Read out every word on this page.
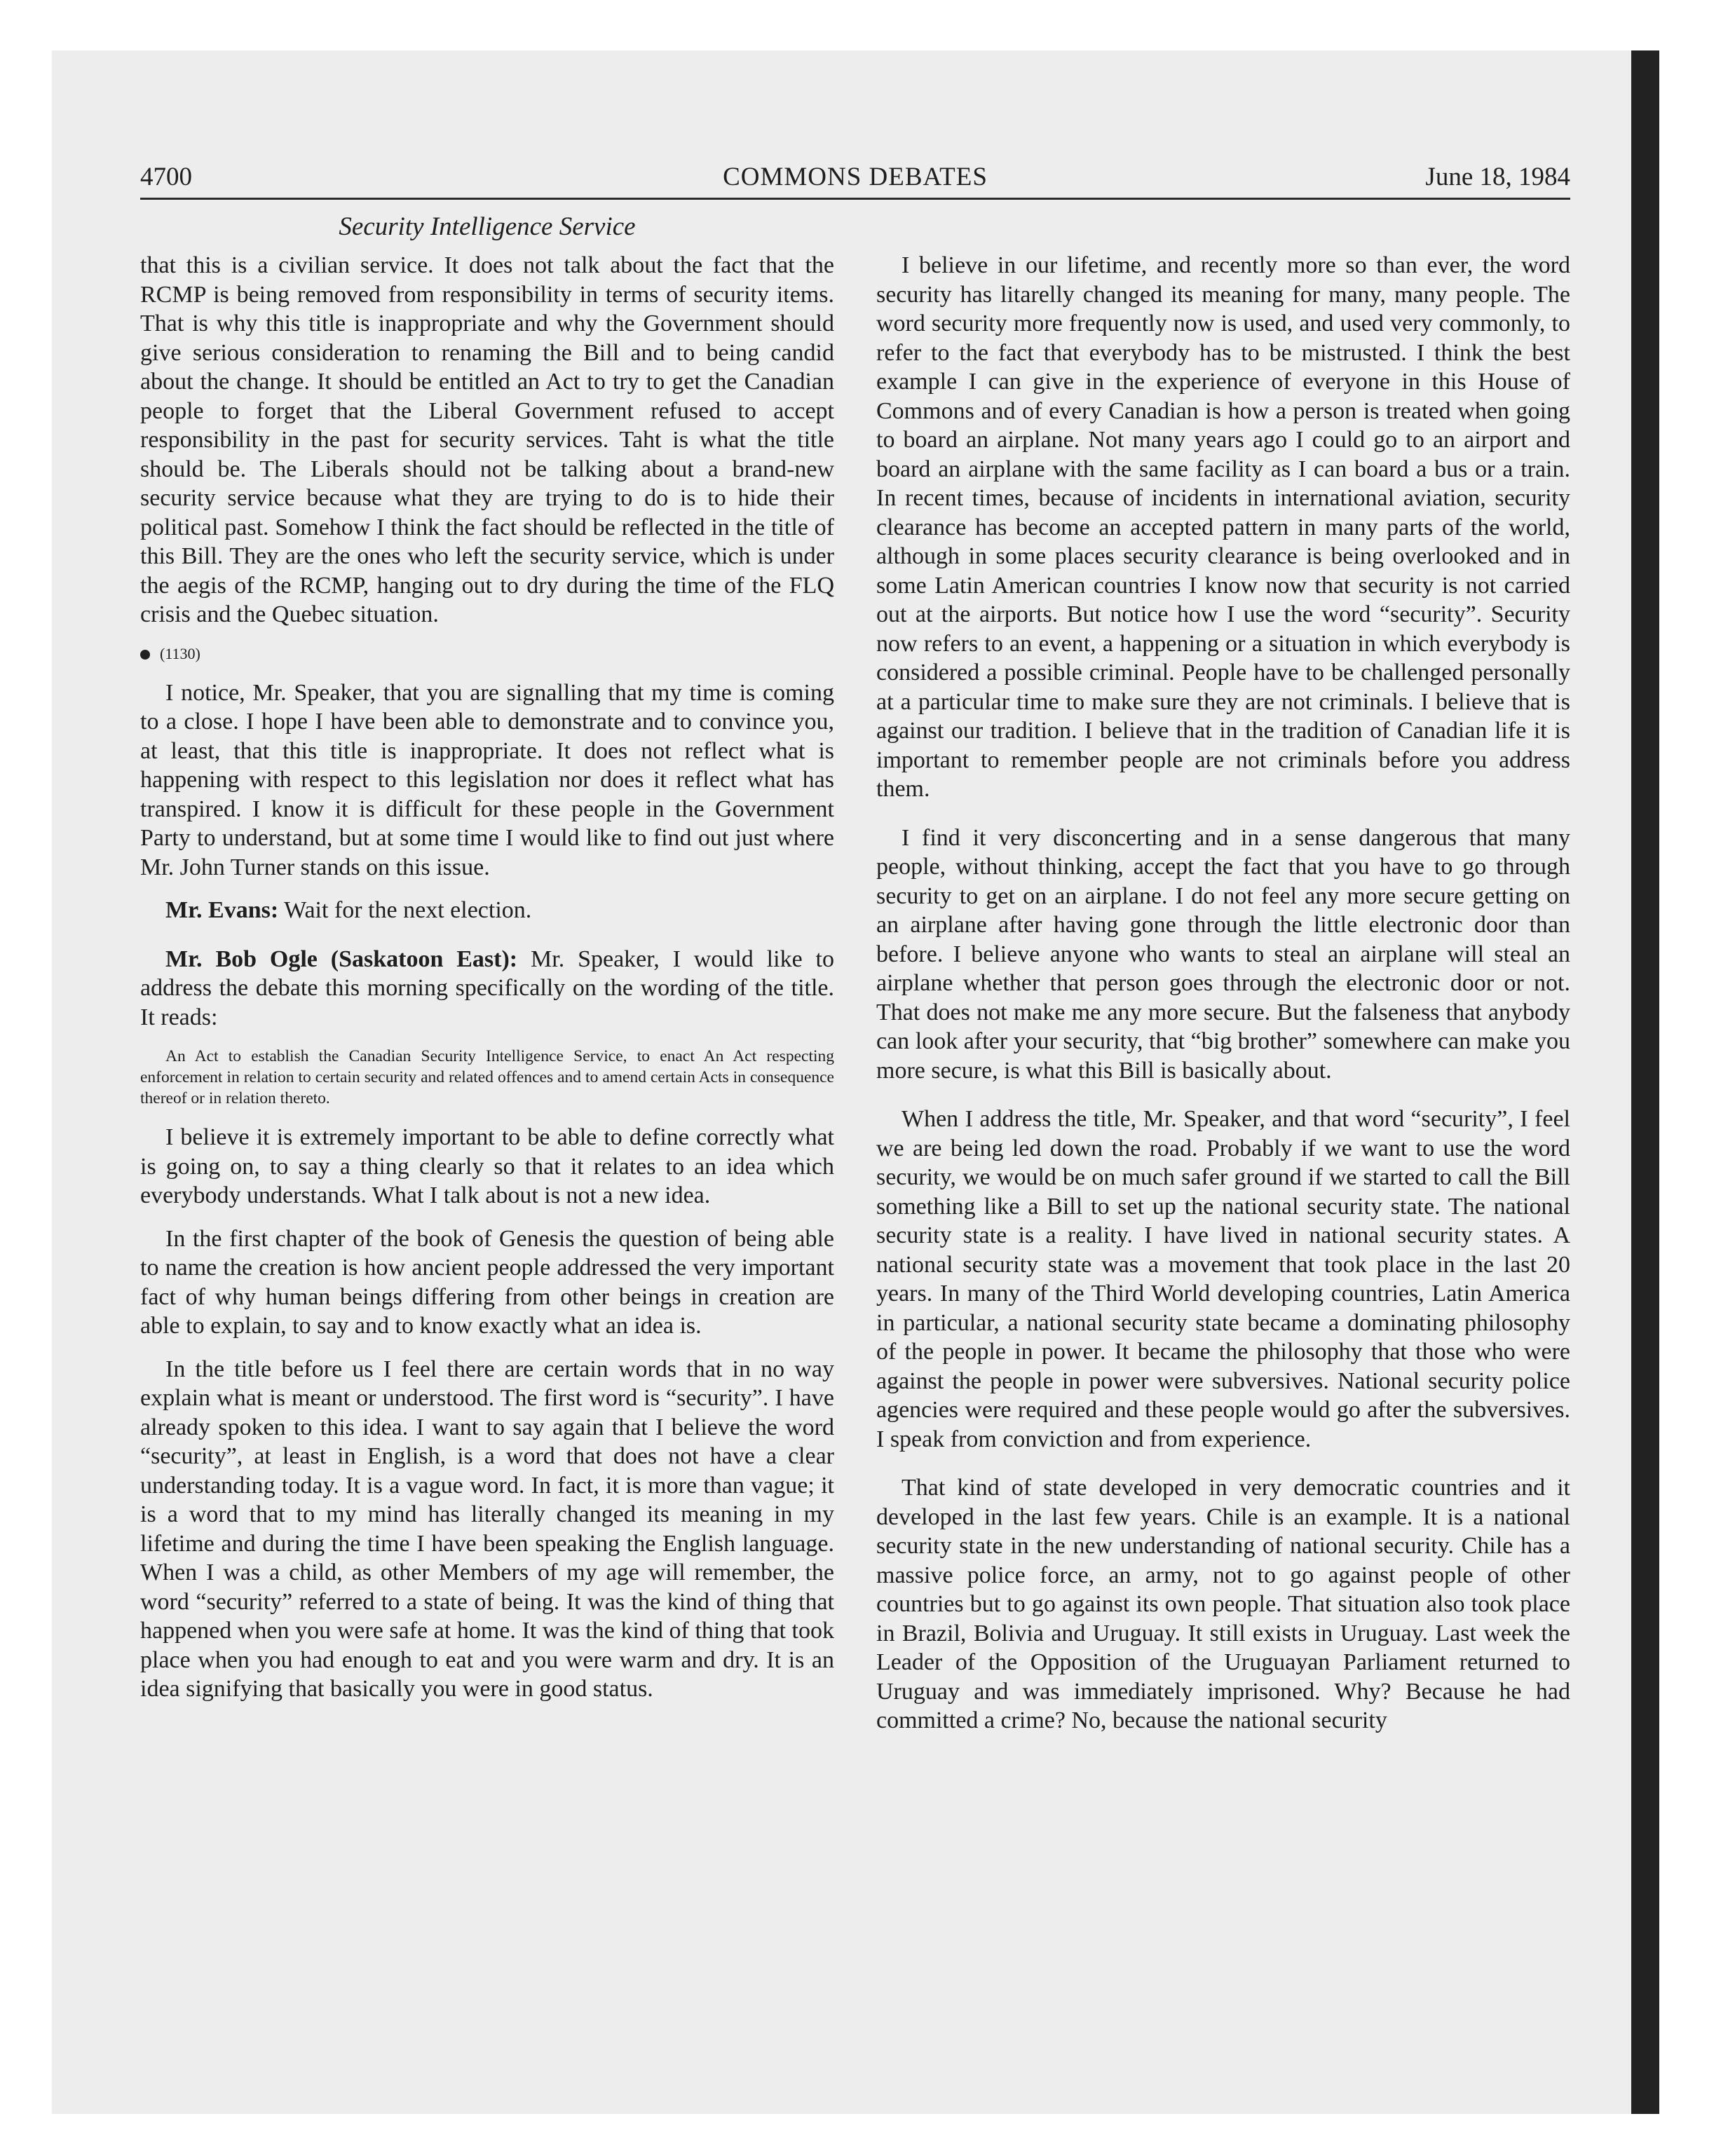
4700	COMMONS DEBATES	June 18, 1984
Security Intelligence Service

that this is a civilian service. It does not talk about the fact that the RCMP is being removed from responsibility in terms of security items. That is why this title is inappropriate and why the Government should give serious consideration to renaming the Bill and to being candid about the change. It should be entitled an Act to try to get the Canadian people to forget that the Liberal Government refused to accept responsibility in the past for security services. Taht is what the title should be. The Liberals should not be talking about a brand-new security service because what they are trying to do is to hide their political past. Somehow I think the fact should be reflected in the title of this Bill. They are the ones who left the security service, which is under the aegis of the RCMP, hanging out to dry during the time of the FLQ crisis and the Quebec situation.

(1130)

I notice, Mr. Speaker, that you are signalling that my time is coming to a close. I hope I have been able to demonstrate and to convince you, at least, that this title is inappropriate. It does not reflect what is happening with respect to this legislation nor does it reflect what has transpired. I know it is difficult for these people in the Government Party to understand, but at some time I would like to find out just where Mr. John Turner stands on this issue.

Mr. Evans: Wait for the next election.

Mr. Bob Ogle (Saskatoon East): Mr. Speaker, I would like to address the debate this morning specifically on the wording of the title. It reads:

An Act to establish the Canadian Security Intelligence Service, to enact An Act respecting enforcement in relation to certain security and related offences and to amend certain Acts in consequence thereof or in relation thereto.

I believe it is extremely important to be able to define correctly what is going on, to say a thing clearly so that it relates to an idea which everybody understands. What I talk about is not a new idea.

In the first chapter of the book of Genesis the question of being able to name the creation is how ancient people addressed the very important fact of why human beings differing from other beings in creation are able to explain, to say and to know exactly what an idea is.

In the title before us I feel there are certain words that in no way explain what is meant or understood. The first word is “security”. I have already spoken to this idea. I want to say again that I believe the word “security”, at least in English, is a word that does not have a clear understanding today. It is a vague word. In fact, it is more than vague; it is a word that to my mind has literally changed its meaning in my lifetime and during the time I have been speaking the English language. When I was a child, as other Members of my age will remember, the word “security” referred to a state of being. It was the kind of thing that happened when you were safe at home. It was the kind of thing that took place when you had enough to eat and you were warm and dry. It is an idea signifying that basically you were in good status.

I believe in our lifetime, and recently more so than ever, the word security has litarelly changed its meaning for many, many people. The word security more frequently now is used, and used very commonly, to refer to the fact that everybody has to be mistrusted. I think the best example I can give in the experience of everyone in this House of Commons and of every Canadian is how a person is treated when going to board an airplane. Not many years ago I could go to an airport and board an airplane with the same facility as I can board a bus or a train. In recent times, because of incidents in international aviation, security clearance has become an accepted pattern in many parts of the world, although in some places security clearance is being overlooked and in some Latin American countries I know now that security is not carried out at the airports. But notice how I use the word “security”. Security now refers to an event, a happening or a situation in which everybody is considered a possible criminal. People have to be challenged personally at a particular time to make sure they are not criminals. I believe that is against our tradition. I believe that in the tradition of Canadian life it is important to remember people are not criminals before you address them.

I find it very disconcerting and in a sense dangerous that many people, without thinking, accept the fact that you have to go through security to get on an airplane. I do not feel any more secure getting on an airplane after having gone through the little electronic door than before. I believe anyone who wants to steal an airplane will steal an airplane whether that person goes through the electronic door or not. That does not make me any more secure. But the falseness that anybody can look after your security, that “big brother” somewhere can make you more secure, is what this Bill is basically about.

When I address the title, Mr. Speaker, and that word “security”, I feel we are being led down the road. Probably if we want to use the word security, we would be on much safer ground if we started to call the Bill something like a Bill to set up the national security state. The national security state is a reality. I have lived in national security states. A national security state was a movement that took place in the last 20 years. In many of the Third World developing countries, Latin America in particular, a national security state became a dominating philosophy of the people in power. It became the philosophy that those who were against the people in power were subversives. National security police agencies were required and these people would go after the subversives. I speak from conviction and from experience.

That kind of state developed in very democratic countries and it developed in the last few years. Chile is an example. It is a national security state in the new understanding of national security. Chile has a massive police force, an army, not to go against people of other countries but to go against its own people. That situation also took place in Brazil, Bolivia and Uruguay. It still exists in Uruguay. Last week the Leader of the Opposition of the Uruguayan Parliament returned to Uruguay and was immediately imprisoned. Why? Because he had committed a crime? No, because the national security
